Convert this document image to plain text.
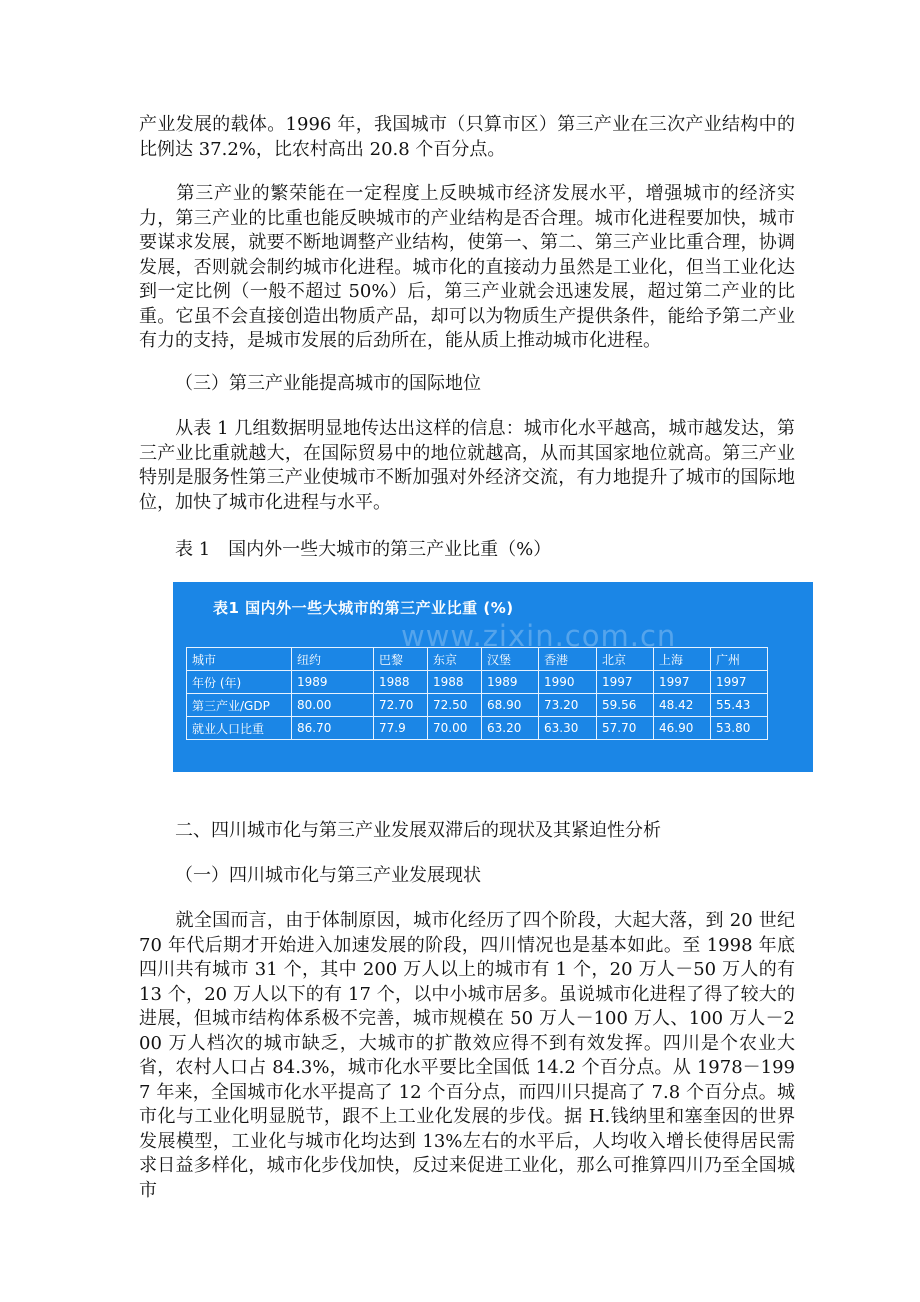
产业发展的载体。1996 年，我国城市（只算市区）第三产业在三次产业结构中的比例达 37.2%，比农村高出 20.8 个百分点。

　　第三产业的繁荣能在一定程度上反映城市经济发展水平，增强城市的经济实力，第三产业的比重也能反映城市的产业结构是否合理。城市化进程要加快，城市要谋求发展，就要不断地调整产业结构，使第一、第二、第三产业比重合理，协调发展，否则就会制约城市化进程。城市化的直接动力虽然是工业化，但当工业化达到一定比例（一般不超过 50%）后，第三产业就会迅速发展，超过第二产业的比重。它虽不会直接创造出物质产品，却可以为物质生产提供条件，能给予第二产业有力的支持，是城市发展的后劲所在，能从质上推动城市化进程。

（三）第三产业能提高城市的国际地位

　　从表 1 几组数据明显地传达出这样的信息：城市化水平越高，城市越发达，第三产业比重就越大，在国际贸易中的地位就越高，从而其国家地位就高。第三产业特别是服务性第三产业使城市不断加强对外经济交流，有力地提升了城市的国际地位，加快了城市化进程与水平。

表 1　国内外一些大城市的第三产业比重（%）

表1 国内外一些大城市的第三产业比重 (%)
www.zixin.com.cn
城市	纽约	巴黎	东京	汉堡	香港	北京	上海	广州
年份 (年)	1989	1988	1988	1989	1990	1997	1997	1997
第三产业/GDP	80.00	72.70	72.50	68.90	73.20	59.56	48.42	55.43
就业人口比重	86.70	77.9	70.00	63.20	63.30	57.70	46.90	53.80

二、四川城市化与第三产业发展双滞后的现状及其紧迫性分析

（一）四川城市化与第三产业发展现状

　　就全国而言，由于体制原因，城市化经历了四个阶段，大起大落，到 20 世纪 70 年代后期才开始进入加速发展的阶段，四川情况也是基本如此。至 1998 年底四川共有城市 31 个，其中 200 万人以上的城市有 1 个，20 万人－50 万人的有 13 个，20 万人以下的有 17 个，以中小城市居多。虽说城市化进程了得了较大的进展，但城市结构体系极不完善，城市规模在 50 万人－100 万人、100 万人－200 万人档次的城市缺乏，大城市的扩散效应得不到有效发挥。四川是个农业大省，农村人口占 84.3%，城市化水平要比全国低 14.2 个百分点。从 1978－1997 年来，全国城市化水平提高了 12 个百分点，而四川只提高了 7.8 个百分点。城市化与工业化明显脱节，跟不上工业化发展的步伐。据 H.钱纳里和塞奎因的世界发展模型，工业化与城市化均达到 13%左右的水平后，人均收入增长使得居民需求日益多样化，城市化步伐加快，反过来促进工业化，那么可推算四川乃至全国城市
